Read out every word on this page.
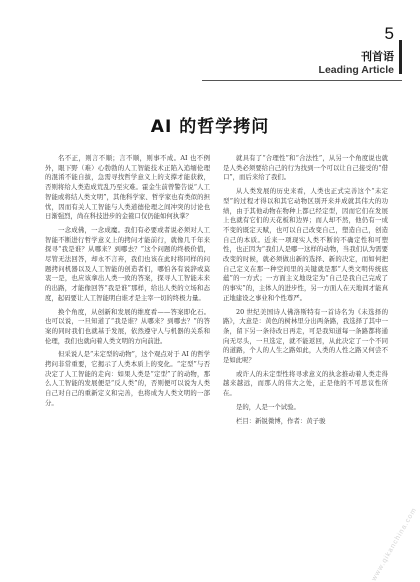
5
刊首语
Leading Article
AI 的哲学拷问

名不正，则言不顺；言不顺，则事不成。AI 也不例外，眼下野（难）心勃勃的人工智能技术正陷入追缅伦理的混淆不能自拔，急需寻找哲学意义上的支撑才能获救，否则将给人类造成荒乱乃至灾难。霍金生前曾警告说“人工智能或将结人类文明”，其他科学家、哲学家也有类似的担忧，因而有关人工智能与人类道德伦理之间冲突的讨论也日渐强烈，尚在科技进步的金箍口仅仍能如何执掌？

一念成佛，一念成魔。我们有必要或者说必须对人工智能不断进行哲学意义上的拷问才能前行，就像几千年来探寻“我是谁？从哪来？到哪去？”这个问题的终极价值，尽管无法回答，却永不言弃，我们也该在此时将同样的问题拷问机器以及人工智能的创造者们，哪怕各有说辞或莫衷一是，也应该拿出人类一致的答案，探寻人工智能未来的出路，才能像回答“我是谁”那样，给出人类的立场和态度，起码要让人工智能明白谁才是主宰一切的终极力量。

换个角度，从创新和发展的维度看——答案即化石。也可以说，一旦知道了“我是谁？从哪来？到哪去？”的答案的同时我们也就基于发展，依然遵守人与机器的关系和伦理，我们也就向着人类文明的方向前进。

但采说人是“未定型的动物”，这个观点对于 AI 的哲学拷问非常重要，它揭示了人类本质上的变化。“定型”与否决定了人工智能的走向：如果人类是“定型”了的动物，那么人工智能的发展便是“反人类”的，否则便可以说为人类自己对自己的重新定义和完善，也将成为人类文明的一部分。

就具有了“合理性”和“合法性”，从另一个角度说也就是人类必须要给自己的行为找到一个可以让自己接受的“借口”，而后来给了我们。

从人类发展的历史来看，人类也正式完善这个“未定型”的过程才得以和其它动物区别开来并成就其伟大的功绩，由于其他动物在物种上都已经定型，因而它们在发展上也就有它们的天花板和边界；而人却不然，他仍有一成不变的既定天赋，也可以自己改变自己，塑造自己，创造自己的本质。近来一项现实人类不断的不确定性和可塑性，也正因为“我们人是哪一这样的动物，当我们认为需要改变的时候，就必须做出新的选择、新的决定，而如何把自己定义在那一种空间里的关键就是那“人类文明传统底蕴”的一方式；一方面主义地设定为“自己是我自己完成了的事实”的，主体人的进步性，另一方面人在天地间才能真正地建设之事业和个性尊严。

20 世纪美国诗人佛洛斯特有一首诗名为《未选择的路》，大意是：黄色的树林里分出两条路，我选择了其中一条，留下另一条待改日再走，可是我知道每一条路都将通向无尽头，一旦选定，就不能返回，从此决定了一个不同的道路，个人的人生之路如此，人类的人性之路又何尝不是如此呢？

或许人的未定型性将寻求意义的执念推动着人类走得越来越远，而那人的伟大之处，正是他的不可思议性所在。

是的，人是一个试验。

栏目：新锐微博，作者：黄子骏

www.qikanchina.com
